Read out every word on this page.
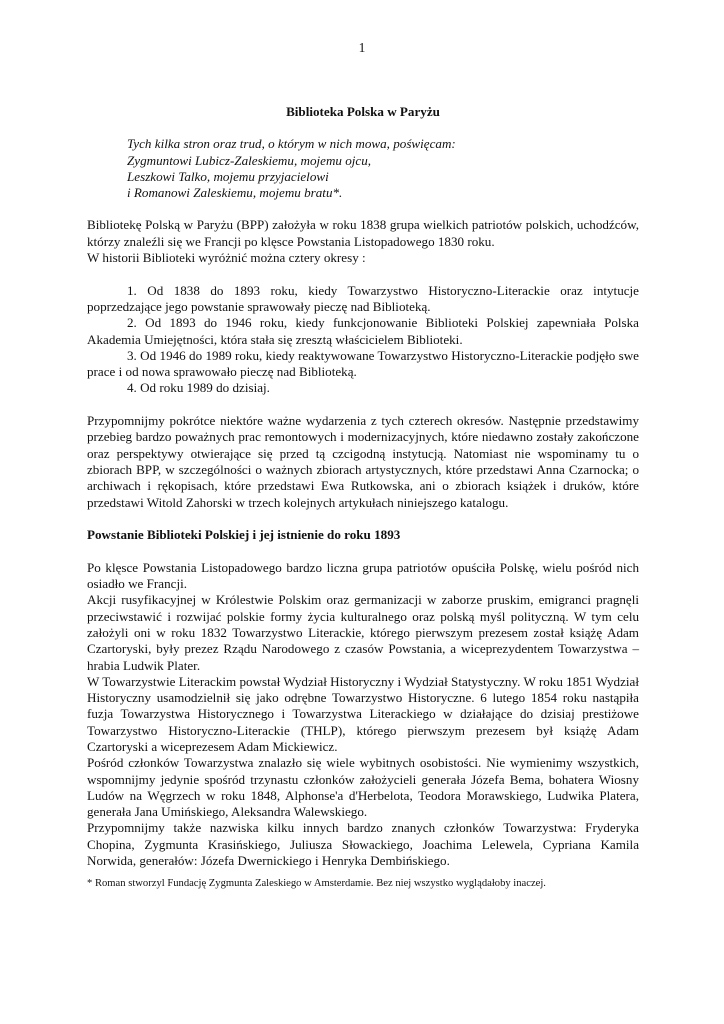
1
Biblioteka Polska w Paryżu
Tych kilka stron oraz trud, o którym w nich mowa, poświęcam:
Zygmuntowi Lubicz-Zaleskiemu, mojemu ojcu,
Leszkowi Talko, mojemu przyjacielowi
i Romanowi Zaleskiemu, mojemu bratu*.

Bibliotekę Polską w Paryżu (BPP) założyła w roku 1838 grupa wielkich patriotów polskich, uchodźców, którzy znaleźli się we Francji po klęsce Powstania Listopadowego 1830 roku.

W historii Biblioteki wyróżnić można cztery okresy :

1. Od 1838 do 1893 roku, kiedy Towarzystwo Historyczno-Literackie oraz intytucje poprzedzające jego powstanie sprawowały pieczę nad Biblioteką.

2. Od 1893 do 1946 roku, kiedy funkcjonowanie Biblioteki Polskiej zapewniała Polska Akademia Umiejętności, która stała się zresztą właścicielem Biblioteki.

3. Od 1946 do 1989 roku, kiedy reaktywowane Towarzystwo Historyczno-Literackie podjęło swe prace i od nowa sprawowało pieczę nad Biblioteką.

4. Od roku 1989 do dzisiaj.

Przypomnijmy pokrótce niektóre ważne wydarzenia z tych czterech okresów. Następnie przedstawimy przebieg bardzo poważnych prac remontowych i modernizacyjnych, które niedawno zostały zakończone oraz perspektywy otwierające się przed tą czcigodną instytucją. Natomiast nie wspominamy tu o zbiorach BPP, w szczególności o ważnych zbiorach artystycznych, które przedstawi Anna Czarnocka; o archiwach i rękopisach, które przedstawi Ewa Rutkowska, ani o zbiorach książek i druków, które przedstawi Witold Zahorski w trzech kolejnych artykułach niniejszego katalogu.

Powstanie Biblioteki Polskiej i jej istnienie do roku 1893

Po klęsce Powstania Listopadowego bardzo liczna grupa patriotów opuściła Polskę, wielu pośród nich osiadło we Francji.

Akcji rusyfikacyjnej w Królestwie Polskim oraz germanizacji w zaborze pruskim, emigranci pragnęli przeciwstawić i rozwijać polskie formy życia kulturalnego oraz polską myśl polityczną. W tym celu założyli oni w roku 1832 Towarzystwo Literackie, którego pierwszym prezesem został książę Adam Czartoryski, były prezez Rządu Narodowego z czasów Powstania, a wiceprezydentem Towarzystwa – hrabia Ludwik Plater.

W Towarzystwie Literackim powstał Wydział Historyczny i Wydział Statystyczny. W roku 1851 Wydział Historyczny usamodzielnił się jako odrębne Towarzystwo Historyczne. 6 lutego 1854 roku nastąpiła fuzja Towarzystwa Historycznego i Towarzystwa Literackiego w działające do dzisiaj prestiżowe Towarzystwo Historyczno-Literackie (THLP), którego pierwszym prezesem był książę Adam Czartoryski a wiceprezesem Adam Mickiewicz.

Pośród członków Towarzystwa znalazło się wiele wybitnych osobistości. Nie wymienimy wszystkich, wspomnijmy jedynie spośród trzynastu członków założycieli generała Józefa Bema, bohatera Wiosny Ludów na Węgrzech w roku 1848, Alphonse'a d'Herbelota, Teodora Morawskiego, Ludwika Platera, generała Jana Umińskiego, Aleksandra Walewskiego.

Przypomnijmy także nazwiska kilku innych bardzo znanych członków Towarzystwa: Fryderyka Chopina, Zygmunta Krasińskiego, Juliusza Słowackiego, Joachima Lelewela, Cypriana Kamila Norwida, generałów: Józefa Dwernickiego i Henryka Dembińskiego.

* Roman stworzyl Fundację Zygmunta Zaleskiego w Amsterdamie. Bez niej wszystko wyglądałoby inaczej.
